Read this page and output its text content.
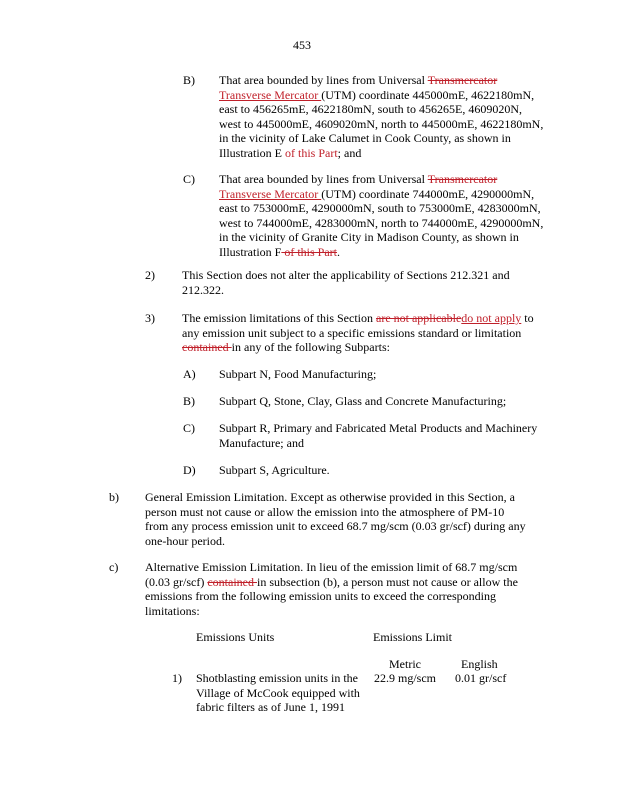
453
B) That area bounded by lines from Universal Transmercator
Transverse Mercator (UTM) coordinate 445000mE, 4622180mN, east to 456265mE, 4622180mN, south to 456265E, 4609020N, west to 445000mE, 4609020mN, north to 445000mE, 4622180mN, in the vicinity of Lake Calumet in Cook County, as shown in Illustration E of this Part; and
C) That area bounded by lines from Universal Transmercator
Transverse Mercator (UTM) coordinate 744000mE, 4290000mN, east to 753000mE, 4290000mN, south to 753000mE, 4283000mN, west to 744000mE, 4283000mN, north to 744000mE, 4290000mN, in the vicinity of Granite City in Madison County, as shown in Illustration F of this Part.
2) This Section does not alter the applicability of Sections 212.321 and 212.322.
3) The emission limitations of this Section are not applicabledo not apply to any emission unit subject to a specific emissions standard or limitation contained in any of the following Subparts:
A) Subpart N, Food Manufacturing;
B) Subpart Q, Stone, Clay, Glass and Concrete Manufacturing;
C) Subpart R, Primary and Fabricated Metal Products and Machinery Manufacture; and
D) Subpart S, Agriculture.
b) General Emission Limitation. Except as otherwise provided in this Section, a person must not cause or allow the emission into the atmosphere of PM-10 from any process emission unit to exceed 68.7 mg/scm (0.03 gr/scf) during any one-hour period.
c) Alternative Emission Limitation. In lieu of the emission limit of 68.7 mg/scm (0.03 gr/scf) contained in subsection (b), a person must not cause or allow the emissions from the following emission units to exceed the corresponding limitations:
Emissions Units	Emissions Limit
Metric	English
1) Shotblasting emission units in the Village of McCook equipped with fabric filters as of June 1, 1991
22.9 mg/scm 0.01 gr/scf
